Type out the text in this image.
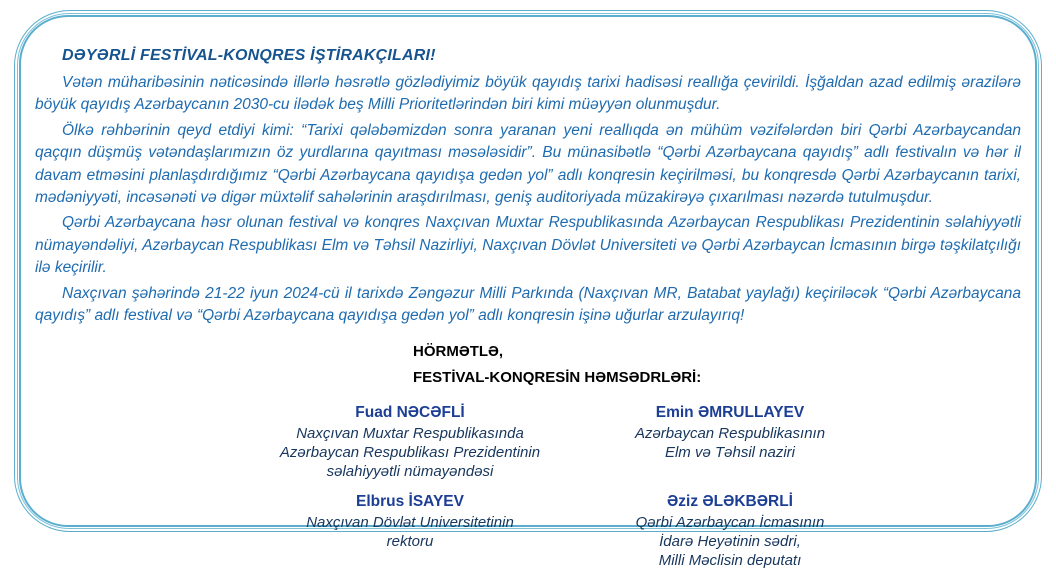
DƏYƏRLİ FESTİVAL-KONQRES İŞTİRAKÇILARI!

Vətən müharibəsinin nəticəsində illərlə həsrətlə gözlədiyimiz böyük qayıdış tarixi hadisəsi reallığa çevirildi. İşğaldan azad edilmiş ərazilərə böyük qayıdış Azərbaycanın 2030-cu ilədək beş Milli Prioritetlərindən biri kimi müəyyən olunmuşdur.

Ölkə rəhbərinin qeyd etdiyi kimi: “Tarixi qələbəmizdən sonra yaranan yeni reallıqda ən mühüm vəzifələrdən biri Qərbi Azərbaycandan qaçqın düşmüş vətəndaşlarımızın öz yurdlarına qayıtması məsələsidir”. Bu münasibətlə “Qərbi Azərbaycana qayıdış” adlı festivalın və hər il davam etməsini planlaşdırdığımız “Qərbi Azərbaycana qayıdışa gedən yol” adlı konqresin keçirilməsi, bu konqresdə Qərbi Azərbaycanın tarixi, mədəniyyəti, incəsənəti və digər müxtəlif sahələrinin araşdırılması, geniş auditoriyada müzakirəyə çıxarılması nəzərdə tutulmuşdur.

Qərbi Azərbaycana həsr olunan festival və konqres Naxçıvan Muxtar Respublikasında Azərbaycan Respublikası Prezidentinin səlahiyyətli nümayəndəliyi, Azərbaycan Respublikası Elm və Təhsil Nazirliyi, Naxçıvan Dövlət Universiteti və Qərbi Azərbaycan İcmasının birgə təşkilatçılığı ilə keçirilir.

Naxçıvan şəhərində 21-22 iyun 2024-cü il tarixdə Zəngəzur Milli Parkında (Naxçıvan MR, Batabat yaylağı) keçiriləcək “Qərbi Azərbaycana qayıdış” adlı festival və “Qərbi Azərbaycana qayıdışa gedən yol” adlı konqresin işinə uğurlar arzulayırıq!

HÖRMƏTLƏ,
FESTİVAL-KONQRESİN HƏMSƏDRLƏRİ:
Fuad NƏCƏFLİ
Naxçıvan Muxtar Respublikasında
Azərbaycan Respublikası Prezidentinin
səlahiyyətli nümayəndəsi
Emin ƏMRULLAYEV
Azərbaycan Respublikasının
Elm və Təhsil naziri
Elbrus İSAYEV
Naxçıvan Dövlət Universitetinin
rektoru
Əziz ƏLƏKBƏRLİ
Qərbi Azərbaycan İcmasının
İdarə Heyətinin sədri,
Milli Məclisin deputatı
